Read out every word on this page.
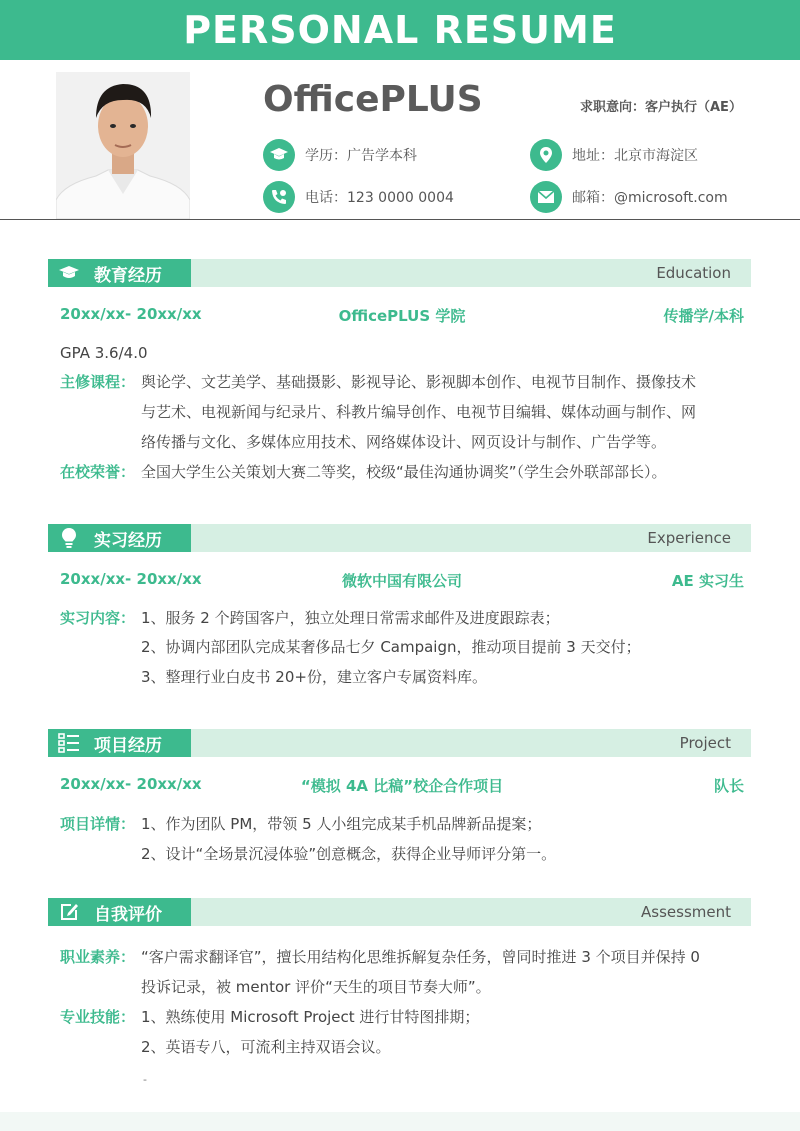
PERSONAL RESUME
OfficePLUS	求职意向：客户执行（AE）
学历：广告学本科	地址：北京市海淀区
电话：123 0000 0004	邮箱：@microsoft.com
教育经历	Education
20xx/xx- 20xx/xx	OfficePLUS 学院	传播学/本科
GPA 3.6/4.0
主修课程： 舆论学、文艺美学、基础摄影、影视导论、影视脚本创作、电视节目制作、摄像技术
与艺术、电视新闻与纪录片、科教片编导创作、电视节目编辑、媒体动画与制作、网
络传播与文化、多媒体应用技术、网络媒体设计、网页设计与制作、广告学等。
在校荣誉： 全国大学生公关策划大赛二等奖，校级“最佳沟通协调奖”（学生会外联部部长）。
实习经历	Experience
20xx/xx- 20xx/xx	微软中国有限公司	AE 实习生
实习内容： 1、服务 2 个跨国客户，独立处理日常需求邮件及进度跟踪表；
2、协调内部团队完成某奢侈品七夕 Campaign，推动项目提前 3 天交付；
3、整理行业白皮书 20+份，建立客户专属资料库。
项目经历	Project
20xx/xx- 20xx/xx	“模拟 4A 比稿”校企合作项目	队长
项目详情： 1、作为团队 PM，带领 5 人小组完成某手机品牌新品提案；
2、设计“全场景沉浸体验”创意概念，获得企业导师评分第一。
自我评价	Assessment
职业素养： “客户需求翻译官”，擅长用结构化思维拆解复杂任务，曾同时推进 3 个项目并保持 0
投诉记录，被 mentor 评价“天生的项目节奏大师”。
专业技能： 1、熟练使用 Microsoft Project 进行甘特图排期；
2、英语专八，可流利主持双语会议。
-
